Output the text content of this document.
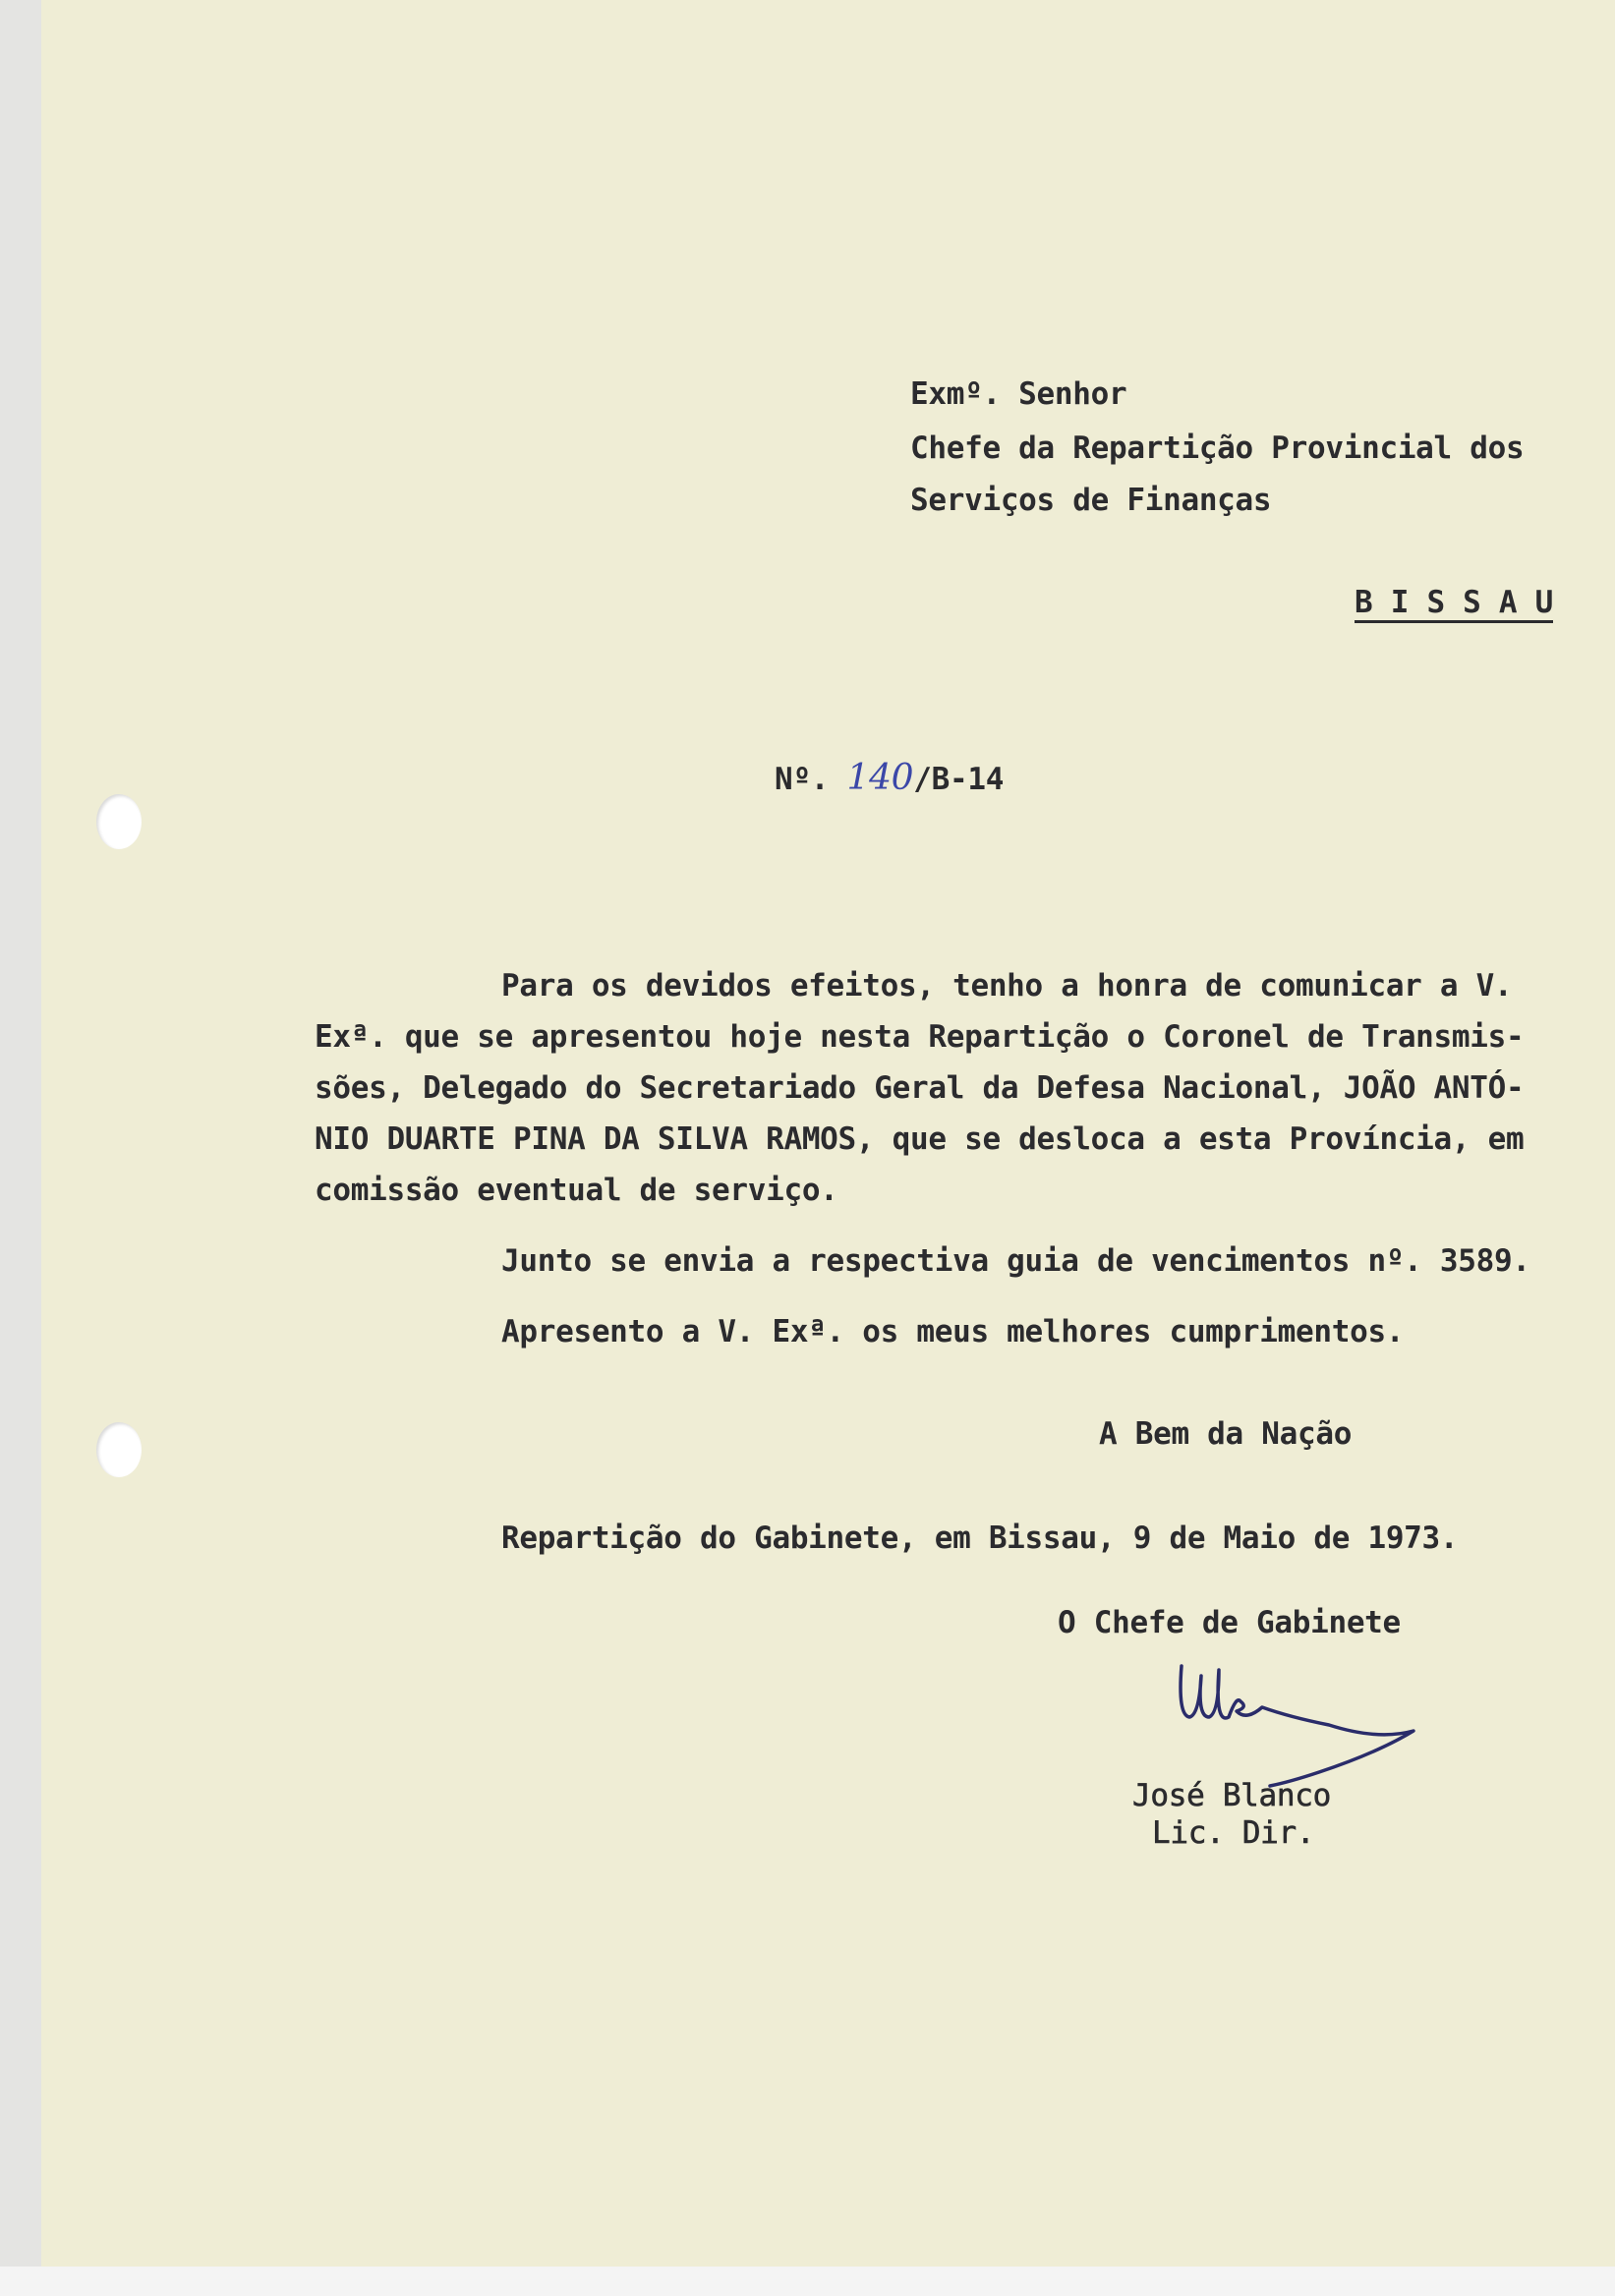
Exmº. Senhor
Chefe da Repartição Provincial dos
Serviços de Finanças
B I S S A U
Nº. 140/B-14
Para os devidos efeitos, tenho a honra de comunicar a V.
Exª. que se apresentou hoje nesta Repartição o Coronel de Transmis-
sões, Delegado do Secretariado Geral da Defesa Nacional, JOÃO ANTÓ-
NIO DUARTE PINA DA SILVA RAMOS, que se desloca a esta Província, em
comissão eventual de serviço.
Junto se envia a respectiva guia de vencimentos nº. 3589.
Apresento a V. Exª. os meus melhores cumprimentos.
A Bem da Nação
Repartição do Gabinete, em Bissau, 9 de Maio de 1973.
O Chefe de Gabinete
José Blanco
Lic. Dir.
